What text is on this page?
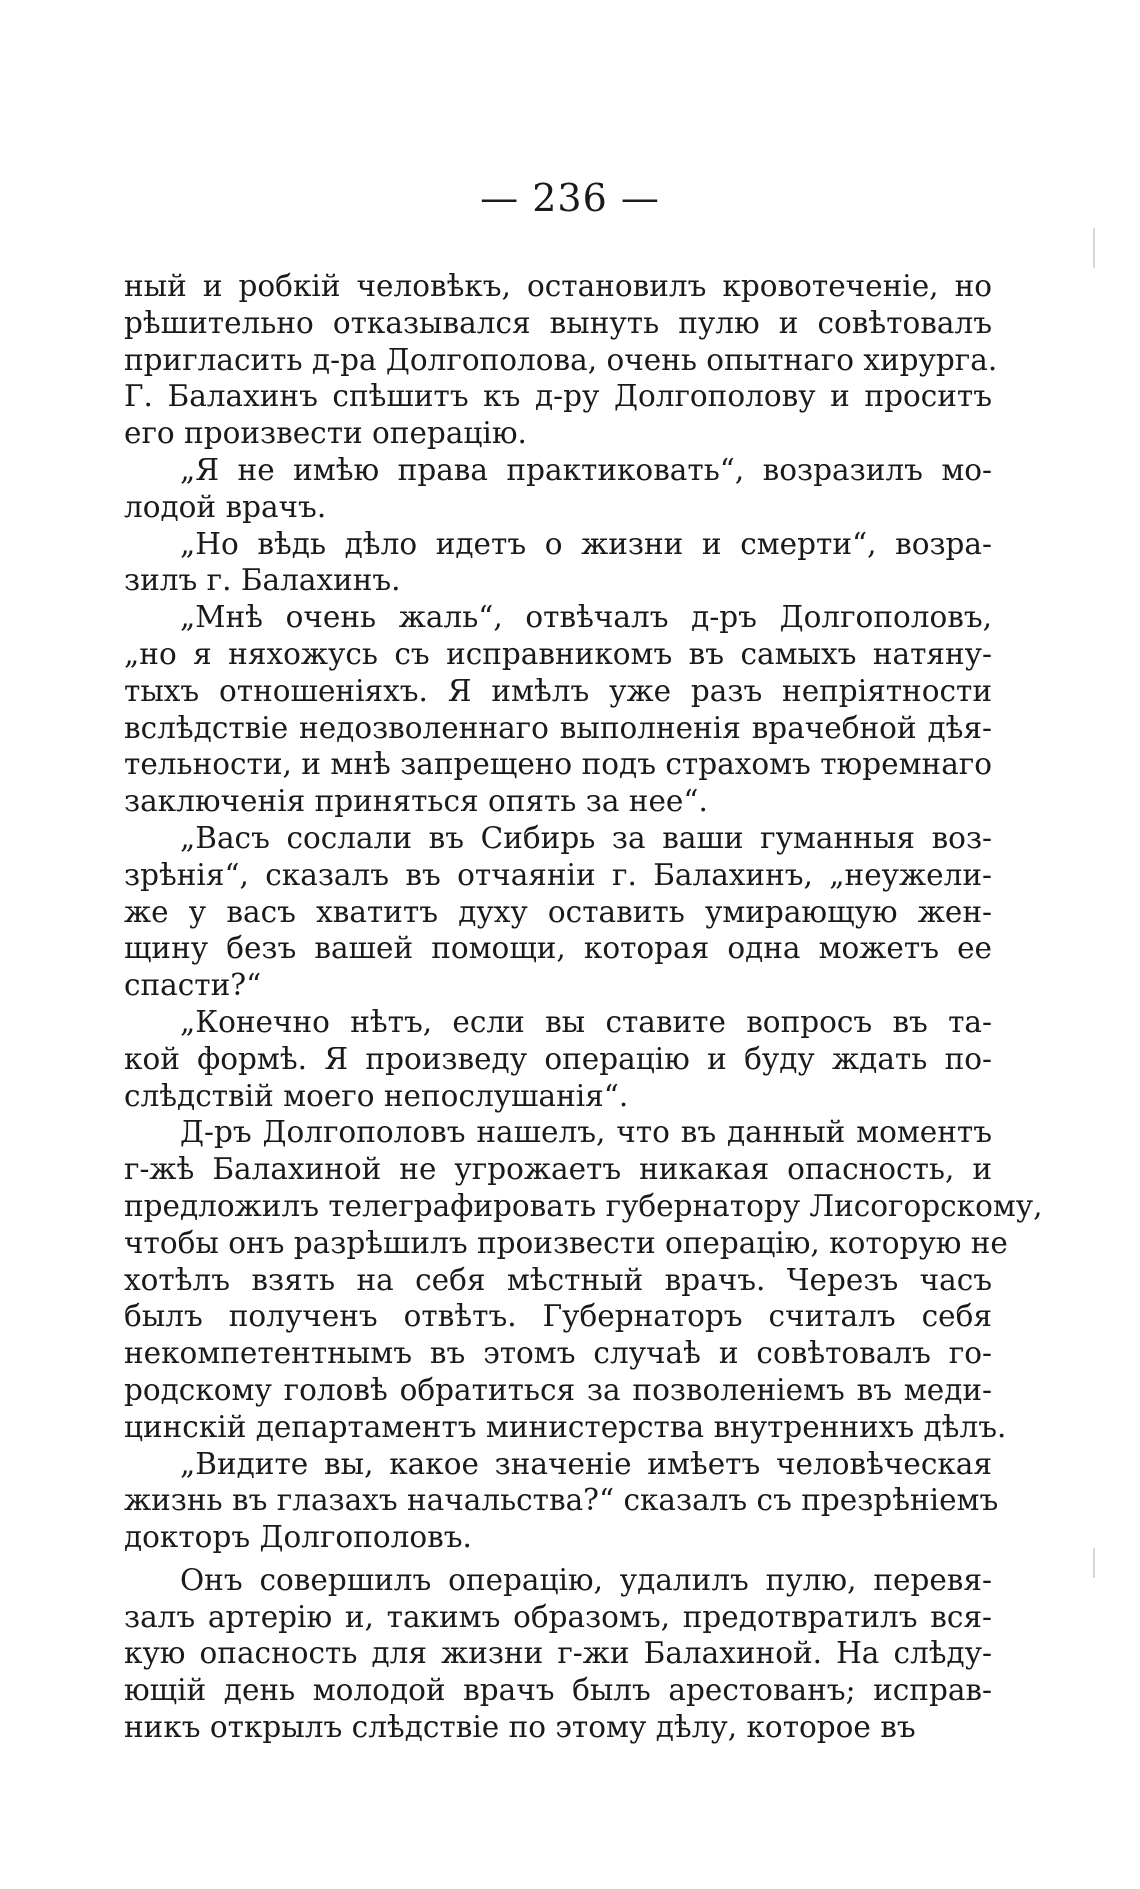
— 236 —
ный и робкій человѣкъ, остановилъ кровотеченіе, но
рѣшительно отказывался вынуть пулю и совѣтовалъ
пригласить д-ра Долгополова, очень опытнаго хирурга.
Г. Балахинъ спѣшитъ къ д-ру Долгополову и проситъ
его произвести операцію.
„Я не имѣю права практиковать“, возразилъ мо-
лодой врачъ.
„Но вѣдь дѣло идетъ о жизни и смерти“, возра-
зилъ г. Балахинъ.
„Мнѣ очень жаль“, отвѣчалъ д-ръ Долгополовъ,
„но я няхожусь съ исправникомъ въ самыхъ натяну-
тыхъ отношеніяхъ. Я имѣлъ уже разъ непріятности
вслѣдствіе недозволеннаго выполненія врачебной дѣя-
тельности, и мнѣ запрещено подъ страхомъ тюремнаго
заключенія приняться опять за нее“.
„Васъ сослали въ Сибирь за ваши гуманныя воз-
зрѣнія“, сказалъ въ отчаяніи г. Балахинъ, „неужели-
же у васъ хватитъ духу оставить умирающую жен-
щину безъ вашей помощи, которая одна можетъ ее
спасти?“
„Конечно нѣтъ, если вы ставите вопросъ въ та-
кой формѣ. Я произведу операцію и буду ждать по-
слѣдствій моего непослушанія“.
Д-ръ Долгополовъ нашелъ, что въ данный моментъ
г-жѣ Балахиной не угрожаетъ никакая опасность, и
предложилъ телеграфировать губернатору Лисогорскому,
чтобы онъ разрѣшилъ произвести операцію, которую не
хотѣлъ взять на себя мѣстный врачъ. Черезъ часъ
былъ полученъ отвѣтъ. Губернаторъ считалъ себя
некомпетентнымъ въ этомъ случаѣ и совѣтовалъ го-
родскому головѣ обратиться за позволеніемъ въ меди-
цинскій департаментъ министерства внутреннихъ дѣлъ.
„Видите вы, какое значеніе имѣетъ человѣческая
жизнь въ глазахъ начальства?“ сказалъ съ презрѣніемъ
докторъ Долгополовъ.
Онъ совершилъ операцію, удалилъ пулю, перевя-
залъ артерію и, такимъ образомъ, предотвратилъ вся-
кую опасность для жизни г-жи Балахиной. На слѣду-
ющій день молодой врачъ былъ арестованъ; исправ-
никъ открылъ слѣдствіе по этому дѣлу, которое въ
